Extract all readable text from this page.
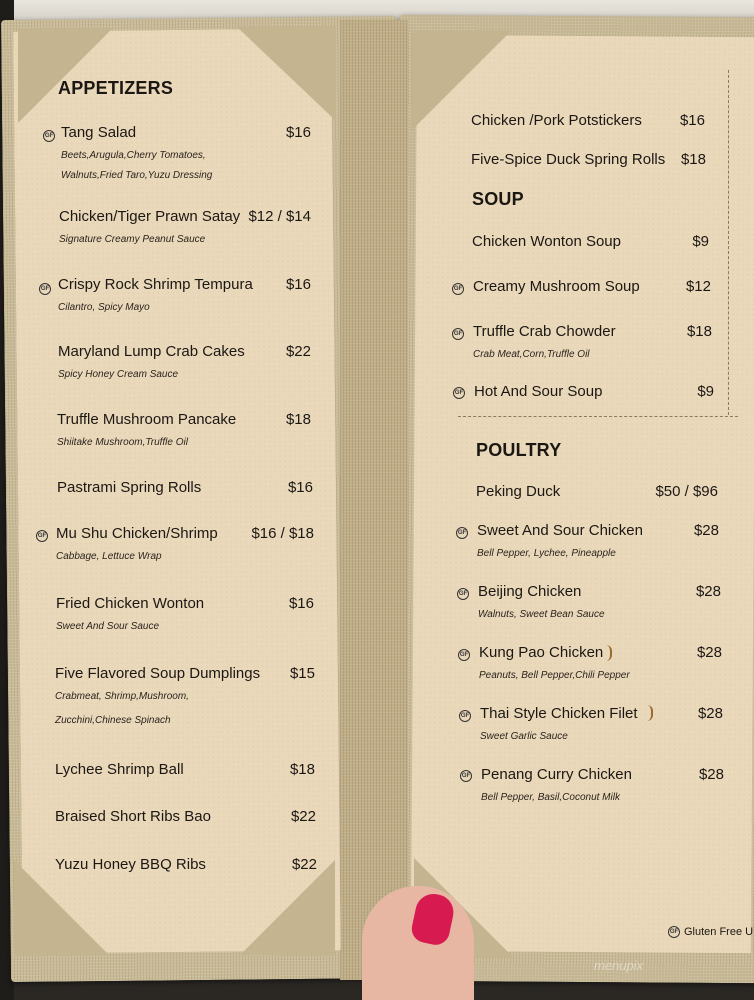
APPETIZERS
Tang Salad	$16
Beets,Arugula,Cherry Tomatoes,
Walnuts,Fried Taro,Yuzu Dressing
GF
Chicken/Tiger Prawn Satay $12 / $14
Signature Creamy Peanut Sauce
Crispy Rock Shrimp Tempura $16
Cilantro, Spicy Mayo
GF
Maryland Lump Crab Cakes	$22
Spicy Honey Cream Sauce
Truffle Mushroom Pancake	$18
Shiitake Mushroom,Truffle Oil
Pastrami Spring Rolls	$16
Mu Shu Chicken/Shrimp $16 / $18
Cabbage, Lettuce Wrap
GF
Fried Chicken Wonton	$16
Sweet And Sour Sauce
Five Flavored Soup Dumplings $15
Crabmeat, Shrimp,Mushroom,
Zucchini,Chinese Spinach
Lychee Shrimp Ball	$18
Braised Short Ribs Bao	$22
Yuzu Honey BBQ Ribs	$22
Chicken /Pork Potstickers	$16
Five-Spice Duck Spring Rolls $18
SOUP
Chicken Wonton Soup	$9
Creamy Mushroom Soup	$12
GF
Truffle Crab Chowder	$18
Crab Meat,Corn,Truffle Oil
GF
Hot And Sour Soup	$9
GF
POULTRY
Peking Duck	$50 / $96
Sweet And Sour Chicken	$28
Bell Pepper, Lychee, Pineapple
GF
Beijing Chicken	$28
Walnuts, Sweet Bean Sauce
GF
Kung Pao Chicken	$28
Peanuts, Bell Pepper,Chili Pepper
GF
Thai Style Chicken Filet	$28
Sweet Garlic Sauce
GF
Penang Curry Chicken	$28
Bell Pepper, Basil,Coconut Milk
GF
GF Gluten Free U
menupix
